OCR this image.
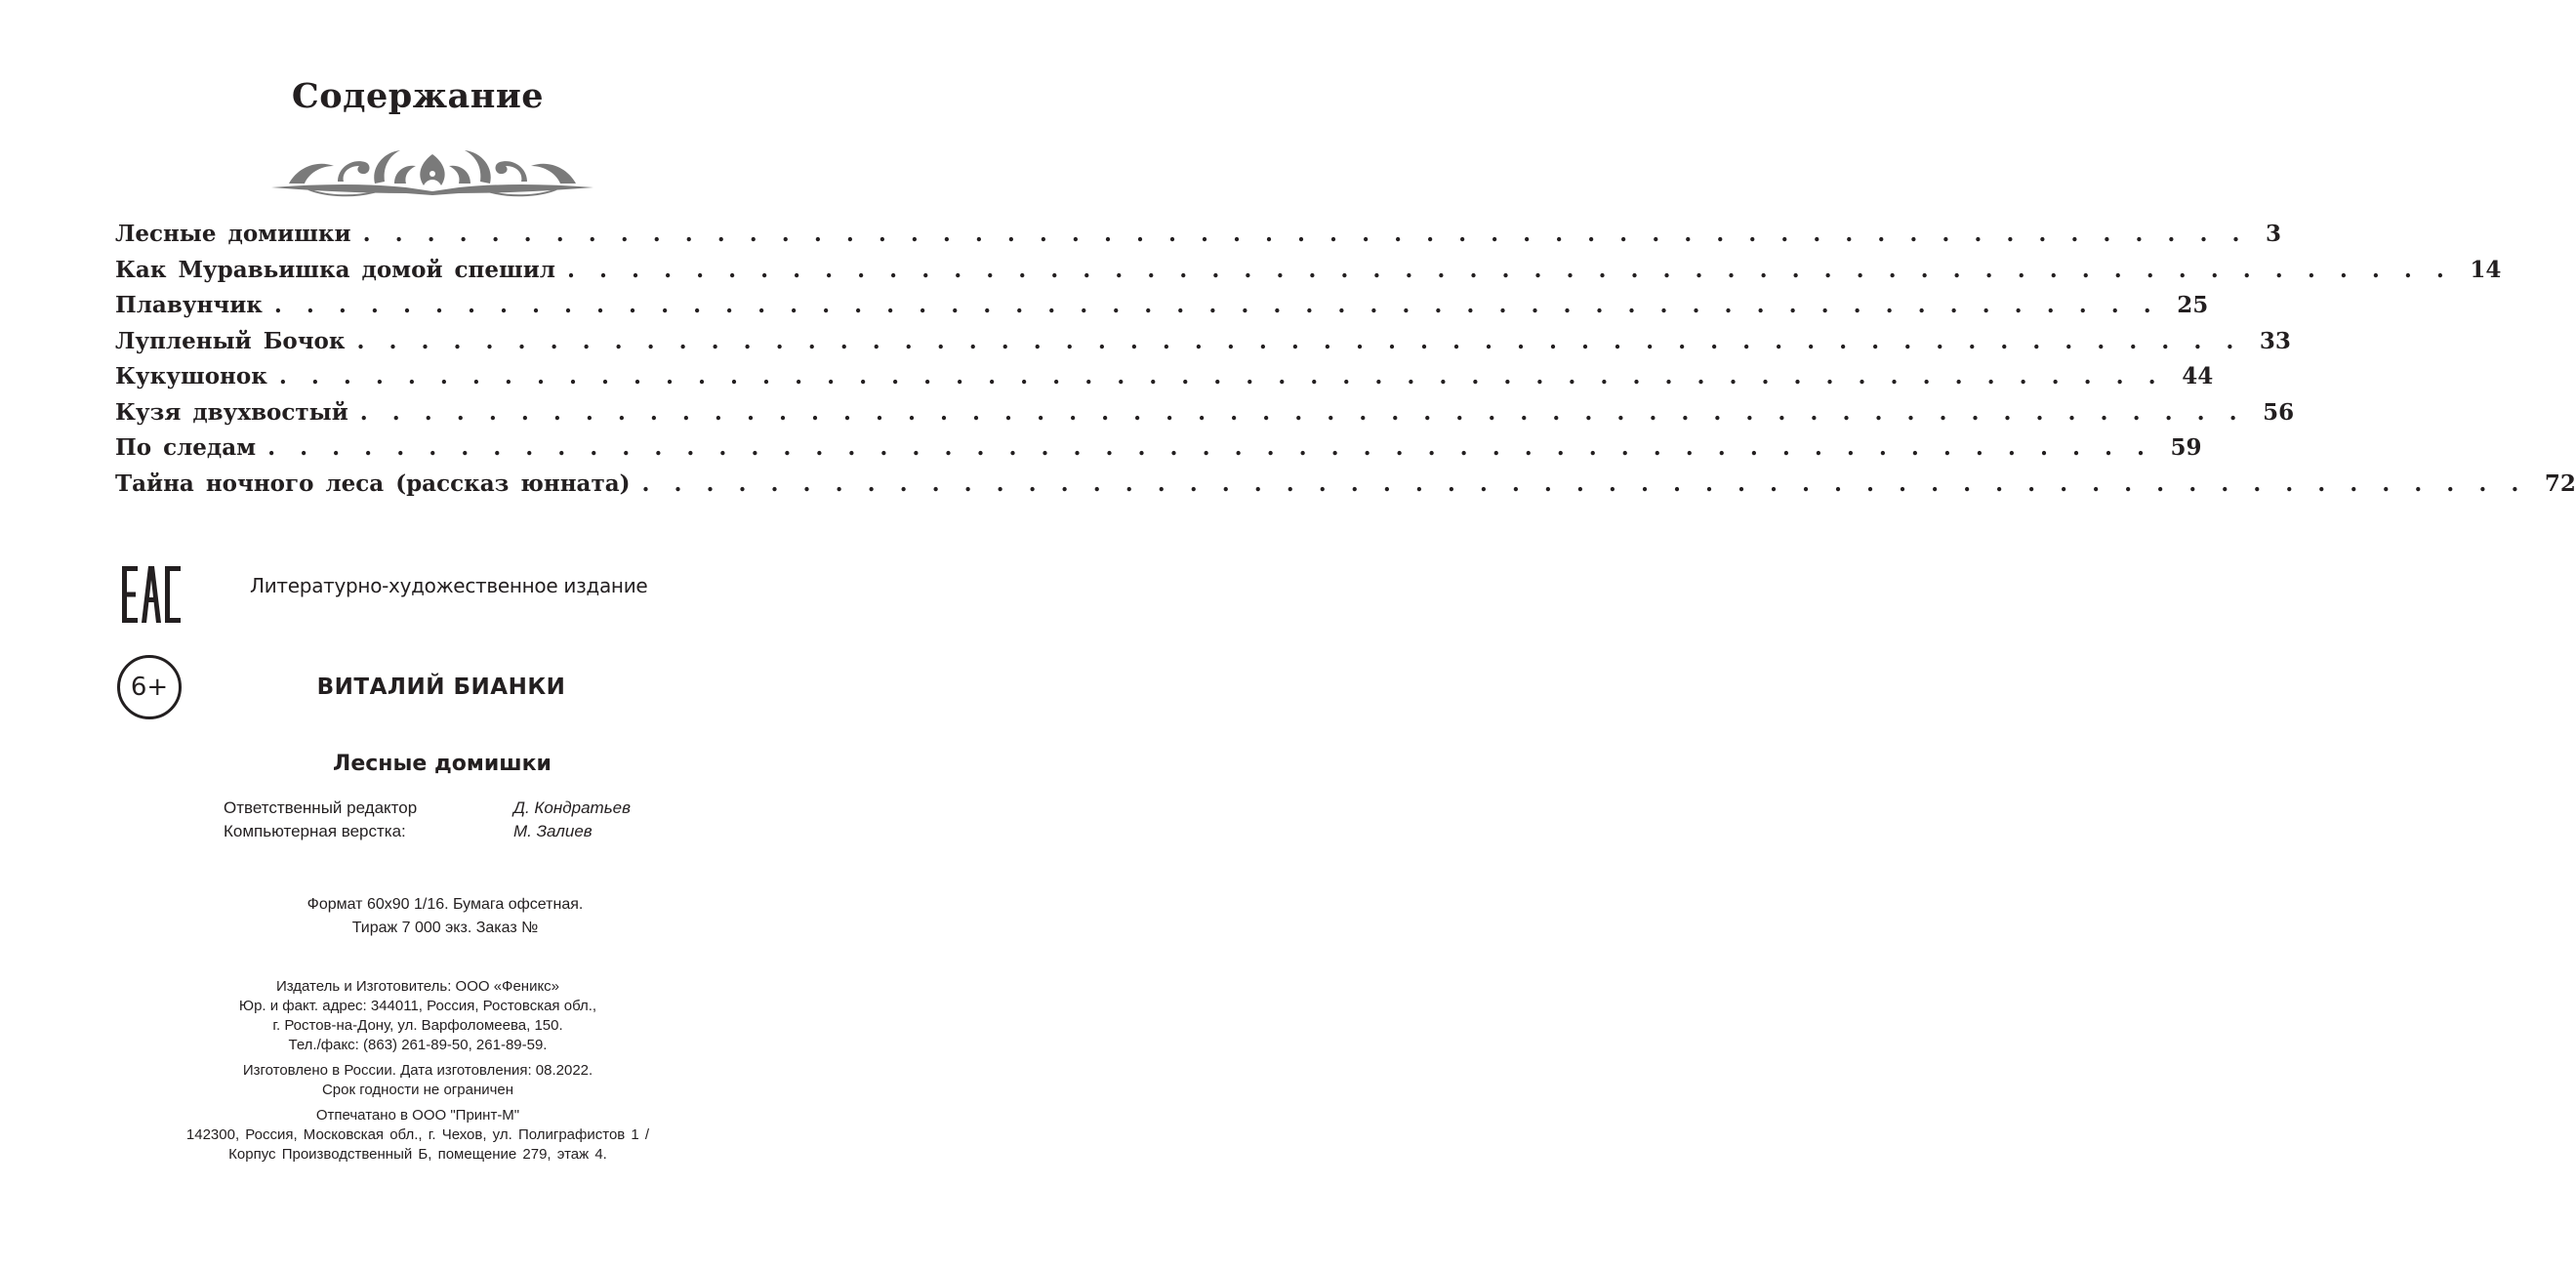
Содержание
Лесные домишки . . . . . . . . . . . . . . . . . . . . . . . . . . . . . . . . . . . . . . . . . . . . . . . . . . . . . . . . . . . 3
Как Муравьишка домой спешил . . . . . . . . . . . . . . . . . . . . . . . . . . . . . . . . . . . . . . . . . . . . . . . . . . . . . . . . . . . 14
Плавунчик . . . . . . . . . . . . . . . . . . . . . . . . . . . . . . . . . . . . . . . . . . . . . . . . . . . . . . . . . . . 25
Лупленый Бочок . . . . . . . . . . . . . . . . . . . . . . . . . . . . . . . . . . . . . . . . . . . . . . . . . . . . . . . . . . . 33
Кукушонок . . . . . . . . . . . . . . . . . . . . . . . . . . . . . . . . . . . . . . . . . . . . . . . . . . . . . . . . . . . 44
Кузя двухвостый . . . . . . . . . . . . . . . . . . . . . . . . . . . . . . . . . . . . . . . . . . . . . . . . . . . . . . . . . . . 56
По следам . . . . . . . . . . . . . . . . . . . . . . . . . . . . . . . . . . . . . . . . . . . . . . . . . . . . . . . . . . . 59
Тайна ночного леса (рассказ юнната) . . . . . . . . . . . . . . . . . . . . . . . . . . . . . . . . . . . . . . . . . . . . . . . . . . . . . . . . . . . 72
Литературно-художественное издание
6+	ВИТАЛИЙ БИАНКИ
Лесные домишки
Ответственный редактор	Д. Кондратьев
Компьютерная верстка:	М. Залиев
Формат 60x90 1/16. Бумага офсетная.
Тираж 7 000 экз. Заказ №
Издатель и Изготовитель: ООО «Феникс»
Юр. и факт. адрес: 344011, Россия, Ростовская обл.,
г. Ростов-на-Дону, ул. Варфоломеева, 150.
Тел./факс: (863) 261-89-50, 261-89-59.
Изготовлено в России. Дата изготовления: 08.2022.
Срок годности не ограничен
Отпечатано в ООО "Принт-М"
142300, Россия, Московская обл., г. Чехов, ул. Полиграфистов 1 /
Корпус Производственный Б, помещение 279, этаж 4.
